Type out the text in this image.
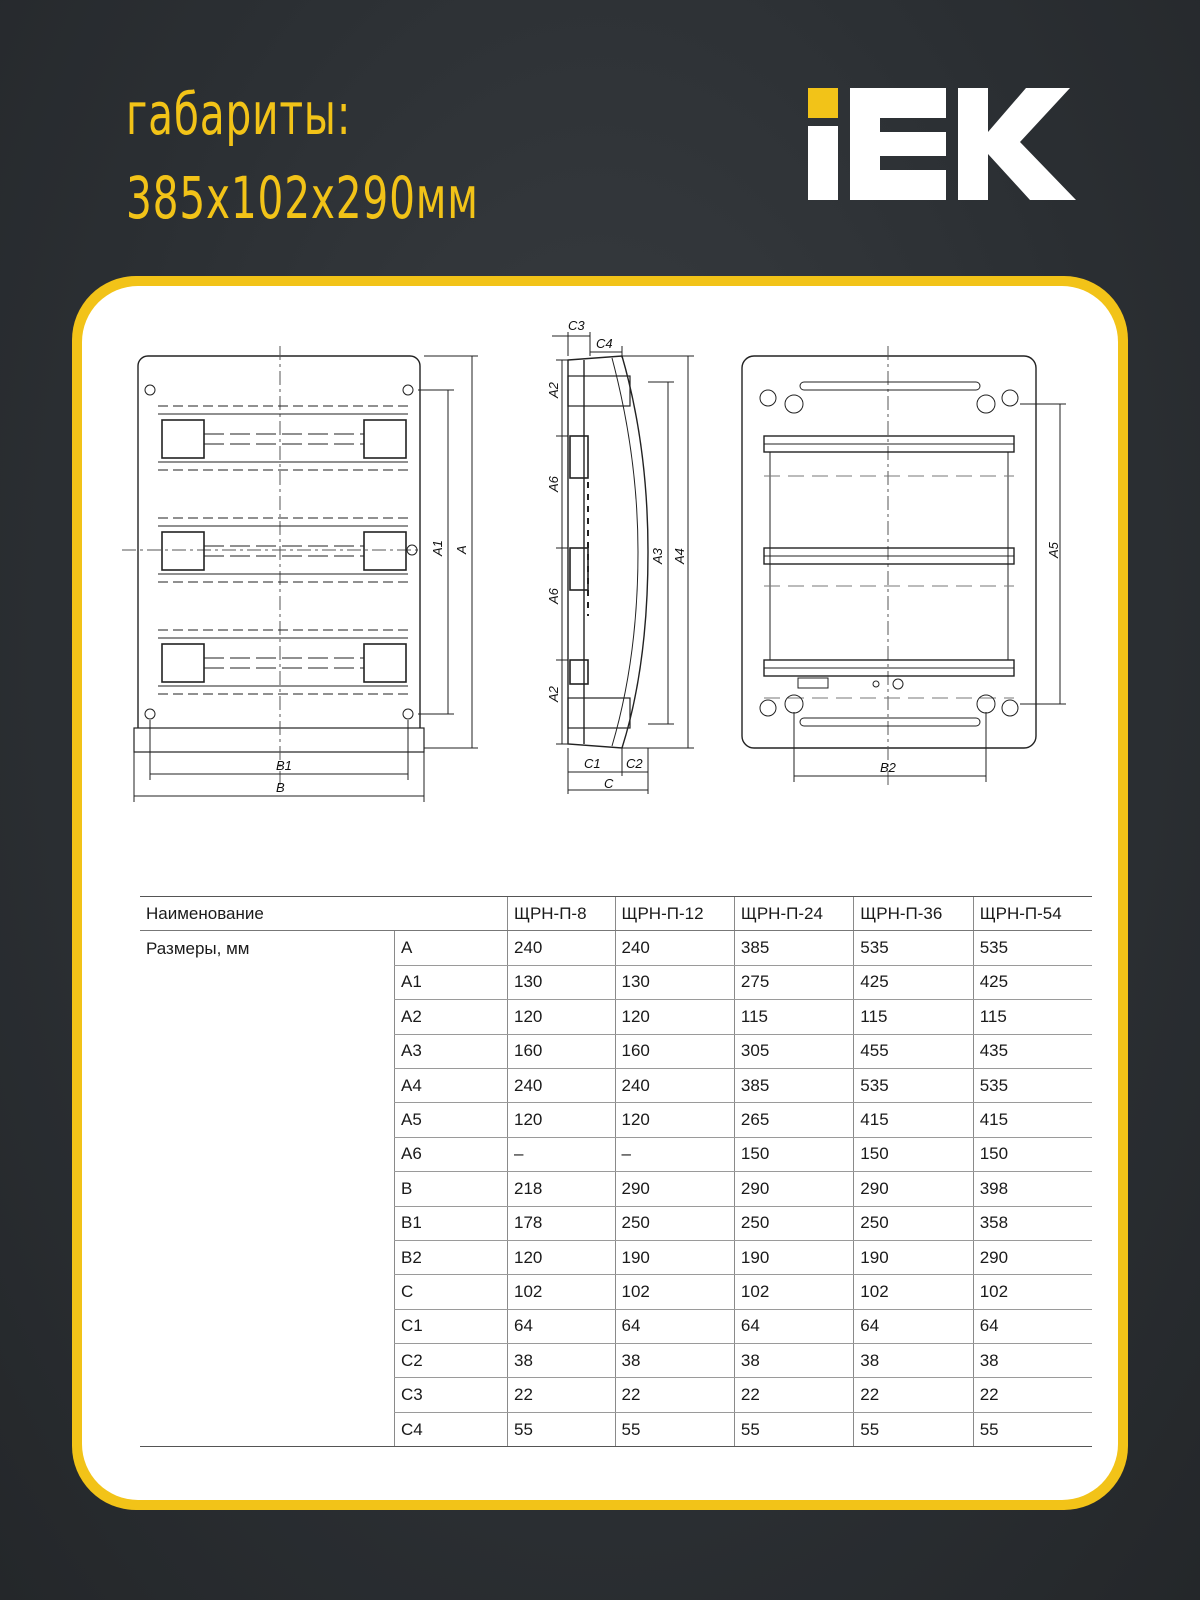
габариты:
385x102x290мм
A1 A
B1
B
C3
C4
A2
A6
A6
A2
A3 A4
C1 C2
C
A5
B2
Наименование		ЩРН-П-8	ЩРН-П-12	ЩРН-П-24	ЩРН-П-36	ЩРН-П-54
Размеры, мм	A	240	240	385	535	535
	A1	130	130	275	425	425
	A2	120	120	115	115	115
	A3	160	160	305	455	435
	A4	240	240	385	535	535
	A5	120	120	265	415	415
	A6	–	–	150	150	150
	B	218	290	290	290	398
	B1	178	250	250	250	358
	B2	120	190	190	190	290
	C	102	102	102	102	102
	C1	64	64	64	64	64
	C2	38	38	38	38	38
	C3	22	22	22	22	22
	C4	55	55	55	55	55
